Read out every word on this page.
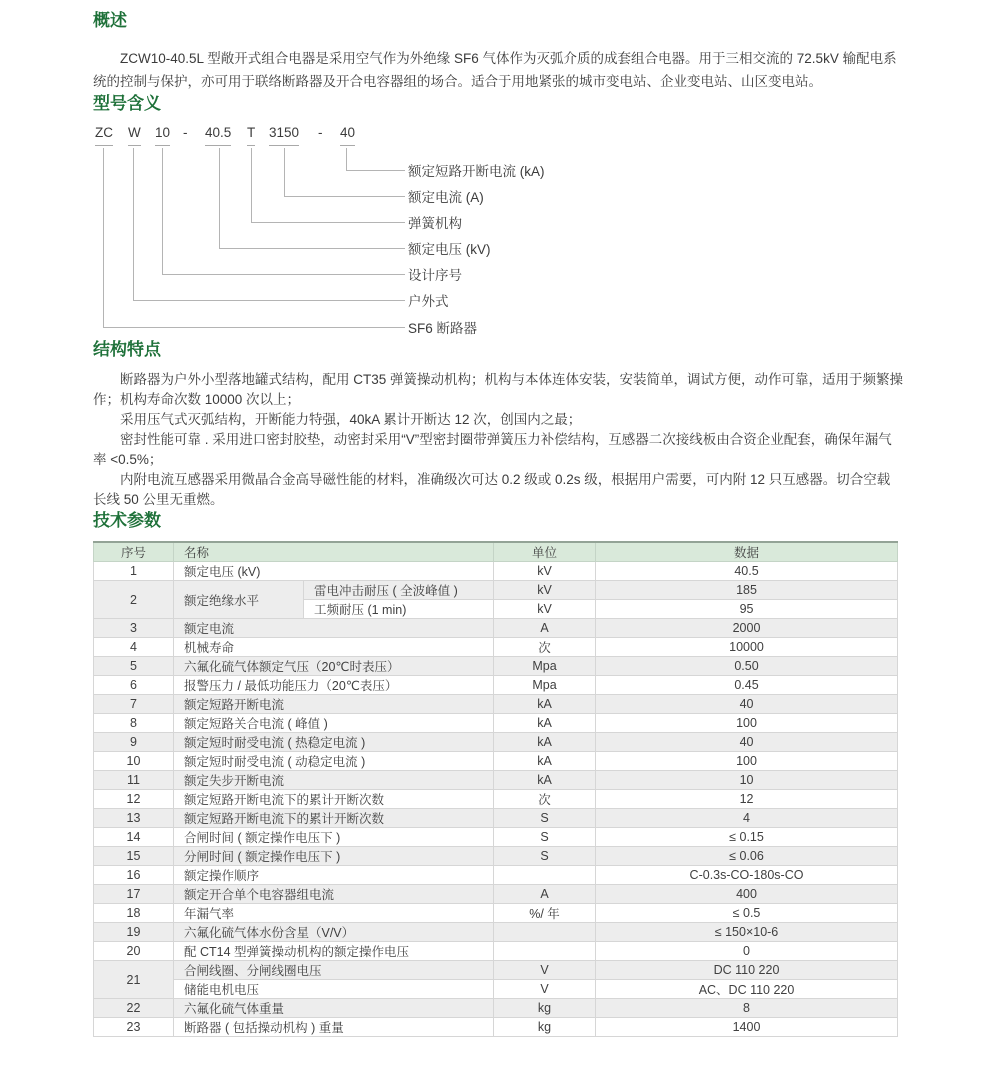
概述

ZCW10-40.5L 型敞开式组合电器是采用空气作为外绝缘 SF6 气体作为灭弧介质的成套组合电器。用于三相交流的 72.5kV 输配电系统的控制与保护，亦可用于联络断路器及开合电容器组的场合。适合于用地紧张的城市变电站、企业变电站、山区变电站。

型号含义
ZC W 10 - 40.5 T 3150 - 40
额定短路开断电流 (kA)
额定电流 (A)
弹簧机构
额定电压 (kV)
设计序号
户外式
SF6 断路器
结构特点

断路器为户外小型落地罐式结构，配用 CT35 弹簧操动机构；机构与本体连体安装，安装简单，调试方便，动作可靠，适用于频繁操作；机构寿命次数 10000 次以上；

采用压气式灭弧结构，开断能力特强，40kA 累计开断达 12 次，创国内之最；

密封性能可靠 . 采用进口密封胶垫，动密封采用“V”型密封圈带弹簧压力补偿结构，互感器二次接线板由合资企业配套，确保年漏气率 <0.5%；

内附电流互感器采用微晶合金高导磁性能的材料，准确级次可达 0.2 级或 0.2s 级，根据用户需要，可内附 12 只互感器。切合空载长线 50 公里无重燃。

技术参数
序号	名称		单位	数据
1	额定电压 (kV)		kV	40.5
2	额定绝缘水平	雷电冲击耐压 ( 全波峰值 )	kV	185
		工频耐压 (1 min)	kV	95
3	额定电流		A	2000
4	机械寿命		次	10000
5	六氟化硫气体额定气压（20℃时表压）		Mpa	0.50
6	报警压力 / 最低功能压力（20℃表压）		Mpa	0.45
7	额定短路开断电流		kA	40
8	额定短路关合电流 ( 峰值 )		kA	100
9	额定短时耐受电流 ( 热稳定电流 )		kA	40
10	额定短时耐受电流 ( 动稳定电流 )		kA	100
11	额定失步开断电流		kA	10
12	额定短路开断电流下的累计开断次数		次	12
13	额定短路开断电流下的累计开断次数		S	4
14	合闸时间 ( 额定操作电压下 )		S	≤ 0.15
15	分闸时间 ( 额定操作电压下 )		S	≤ 0.06
16	额定操作顺序			C-0.3s-CO-180s-CO
17	额定开合单个电容器组电流		A	400
18	年漏气率		%/ 年	≤ 0.5
19	六氟化硫气体水份含星（V/V）			≤ 150×10-6
20	配 CT14 型弹簧操动机构的额定操作电压			0
21	合闸线圈、分闸线圈电压		V	DC 110 220
	储能电机电压		V	AC、DC 110 220
22	六氟化硫气体重量		kg	8
23	断路器 ( 包括操动机构 ) 重量		kg	1400
